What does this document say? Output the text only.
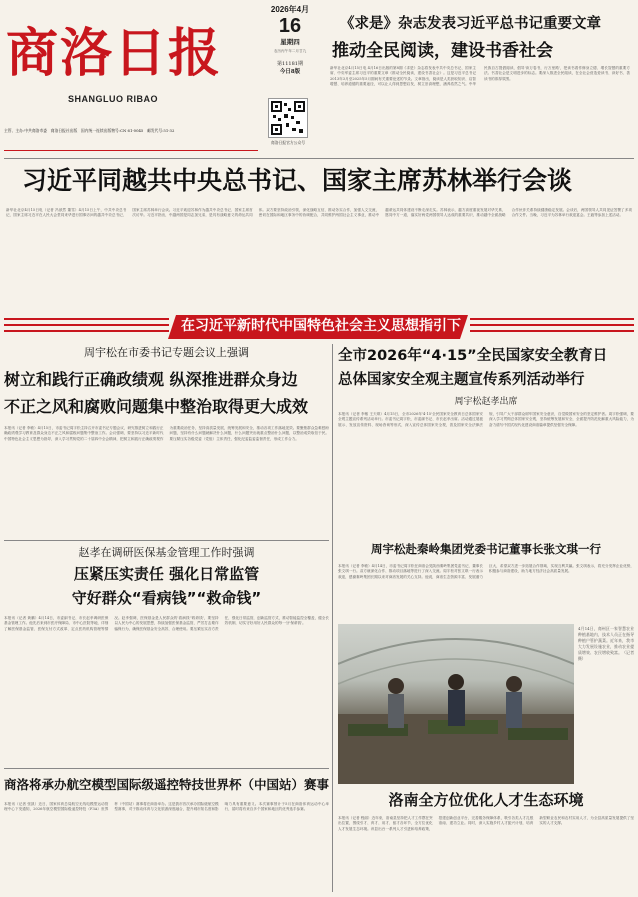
商洛日报
SHANGLUO RIBAO
2026年4月
16
星期四
农历丙午年二月廿九
第11181期
今日8版
商洛日报官方公众号
《求是》杂志发表习近平总书记重要文章
推动全民阅读，建设书香社会
新华社北京4月15日电 4月16日出版的第8期《求是》杂志将发表中共中央总书记、国家主席、中央军委主席习近平的重要文章《推动全民阅读，建设书香社会》。这是习近平总书记2013年3月至2025年5月期间有关重要论述的节录。文章指出，阅读是人类获取知识、启智增慧、培养道德的重要途径，可以让人得到思想启发，树立崇高理想，涵养浩然之气。中华民族自古提倡阅读，倡导'读万卷书，行万里路'，把读书看作修身立德、增长智慧的重要方法。书香社会是文明进步的标志。要深入推进全民阅读，在全社会营造爱读书、读好书、善读书的浓厚氛围。
主管、主办:中共商洛市委 商洛日报社出版 国内统一连续出版物号:CN 61-0045 邮发代号:51-32
习近平同越共中央总书记、国家主席苏林举行会谈
新华社北京4月15日电（记者 冯歆然 董雪）4月15日上午，中共中央总书记、国家主席习近平在人民大会堂同来华进行国事访问的越共中央总书记、国家主席苏林举行会谈。习近平欢迎苏林作为越共中央总书记、国家主席首次访华。习近平指出，中越两国是同志加兄弟，是具有战略意义的命运共同体。双方要坚持政治引领，深化战略互信，推动务实合作，加强人文交流，密切在国际和地区事务中的协调配合，共同维护两国社会主义事业，推动中越命运共同体建设不断走深走实。苏林表示，越方高度重视发展对华关系，愿同中方一道，落实好两党两国领导人达成的重要共识，推动越中全面战略合作伙伴关系持续健康稳定发展。会谈后，两国领导人共同见证签署了多项合作文件。当晚，习近平为苏林举行欢迎宴会。王毅等参加上述活动。
在习近平新时代中国特色社会主义思想指引下
周宇松在市委书记专题会议上强调
树立和践行正确政绩观 纵深推进群众身边
不正之风和腐败问题集中整治取得更大成效
本报讯（记者 李敏）4月15日，市委书记周宇松主持召开市委书记专题会议，研究推进树立和践行正确政绩观学习教育及群众身边不正之风和腐败问题集中整治工作。会议强调，要坚持以习近平新时代中国特色社会主义思想为指导，深入学习贯彻党的二十届四中全会精神，把树立和践行正确政绩观作为重要政治任务，坚持高质量发展，统筹发展和安全，推动各项工作落地见效。要聚焦群众急难愁盼问题，坚持有什么问题就解决什么问题，什么问题突出就重点整治什么问题，以整治成效取信于民。要压紧压实各级党委（党组）主体责任，强化纪委监委监督责任，形成工作合力。
赵孝在调研医保基金管理工作时强调
压紧压实责任 强化日常监管
守好群众“看病钱”“救命钱”
本报讯（记者 黄鹏）4月14日，市委副书记、市长赵孝调研医保基金管理工作。他先后来到市医疗保障局、市中心医院等地，详细了解医保基金监管、医保支付方式改革、定点医药机构管理等情况。赵孝强调，医保基金是人民群众的'看病钱''救命钱'，要坚持以人民为中心的发展思想，持续加强医保基金监管，严厉打击欺诈骗保行为，确保医保基金安全高效、合理使用。要压紧压实各方责任，强化日常监管，创新监管方式，推动智能监控全覆盖，健全长效机制，切实守好用好人民群众的每一分'保命钱'。
商洛将承办航空模型国际级遥控特技世界杯（中国站）赛事
本报讯（记者 张凯）近日，国家体育总局航空无线电模型运动管理中心下发通知，2026年航空模型国际级遥控特技（F3A）世界杯（中国站）赛事将在商洛举办。这是我市首次承办国际级航空模型赛事，对于推动体育与文化旅游深度融合，提升城市知名度和影响力具有重要意义。本次赛事预计于5月在商洛体育运动中心举行，届时将有来自多个国家和地区的优秀选手参赛。
全市2026年“4·15”全民国家安全教育日
总体国家安全观主题宣传系列活动举行
周宇松赵孝出席
本报讯（记者 李敏 王天琪）4月15日，全市2026年'4·15'全民国家安全教育日总体国家安全观主题宣传系列活动举行。市委书记周宇松，市委副书记、市长赵孝出席。活动通过展板展示、发放宣传资料、现场咨询等形式，深入宣传总体国家安全观，普及国家安全法律法规，引导广大干部群众树牢国家安全意识，自觉做国家安全的坚定维护者。周宇松强调，要深入学习贯彻总体国家安全观，坚持统筹发展和安全，全面提升防范化解重大风险能力，为奋力谱写中国式现代化建设商洛篇章提供坚强安全保障。
周宇松赴秦岭集团党委书记董事长张文琪一行
本报讯（记者 李敏）4月14日，市委书记周宇松在商洛会见陕西秦岭集团党委书记、董事长张文琪一行。双方就深化合作、推动项目落地等进行了深入交流。周宇松对张文琪一行表示欢迎，感谢秦岭集团长期以来对商洛发展的关心支持。他说，商洛生态资源丰富、发展潜力巨大，希望双方进一步拓展合作领域，实现互利共赢。张文琪表示，将充分发挥企业优势，积极参与商洛建设，助力地方经济社会高质量发展。
4月14日，商州区一家智慧农业种植基地内，技术人员正在指导种植户管护蔬菜。近年来，我市大力发展设施农业，推动农业提质增效、农民增收致富。（记者 摄）
洛南全方位优化人才生态环境
本报讯（记者 程丽）近年来，洛南县坚持把人才工作摆在突出位置，围绕引才、育才、用才、留才各环节，全方位优化人才发展生态环境。该县出台一系列人才引进和培养政策，搭建创新创业平台，完善服务保障体系，吸引各类人才扎根洛南、建功立业。同时，深入实施乡村人才振兴计划，培育新型职业农民和农村实用人才，为全县高质量发展提供了坚实的人才支撑。
